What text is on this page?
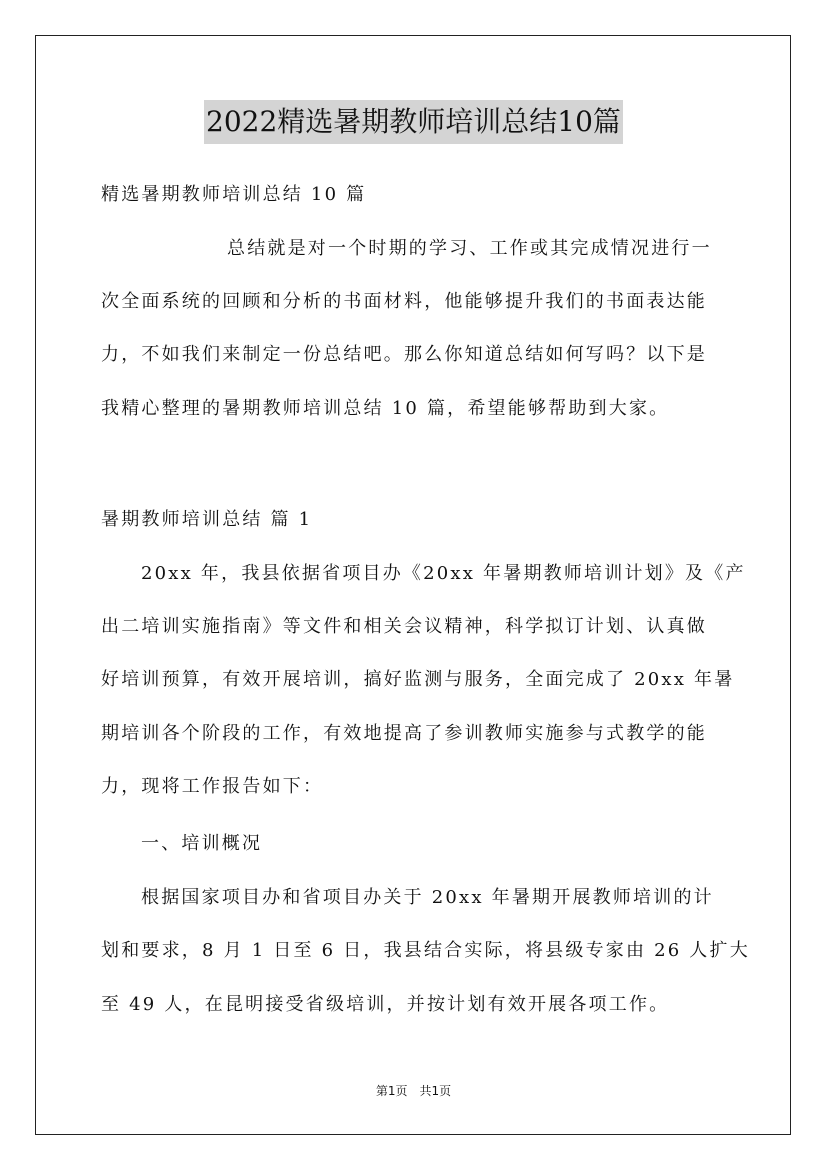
2022精选暑期教师培训总结10篇
精选暑期教师培训总结 10 篇
总结就是对一个时期的学习、工作或其完成情况进行一
次全面系统的回顾和分析的书面材料，他能够提升我们的书面表达能
力，不如我们来制定一份总结吧。那么你知道总结如何写吗？以下是
我精心整理的暑期教师培训总结 10 篇，希望能够帮助到大家。
暑期教师培训总结 篇 1
20xx 年，我县依据省项目办《20xx 年暑期教师培训计划》及《产
出二培训实施指南》等文件和相关会议精神，科学拟订计划、认真做
好培训预算，有效开展培训，搞好监测与服务，全面完成了 20xx 年暑
期培训各个阶段的工作，有效地提高了参训教师实施参与式教学的能
力，现将工作报告如下：
一、培训概况
根据国家项目办和省项目办关于 20xx 年暑期开展教师培训的计
划和要求，8 月 1 日至 6 日，我县结合实际，将县级专家由 26 人扩大
至 49 人，在昆明接受省级培训，并按计划有效开展各项工作。
第1页　共1页
